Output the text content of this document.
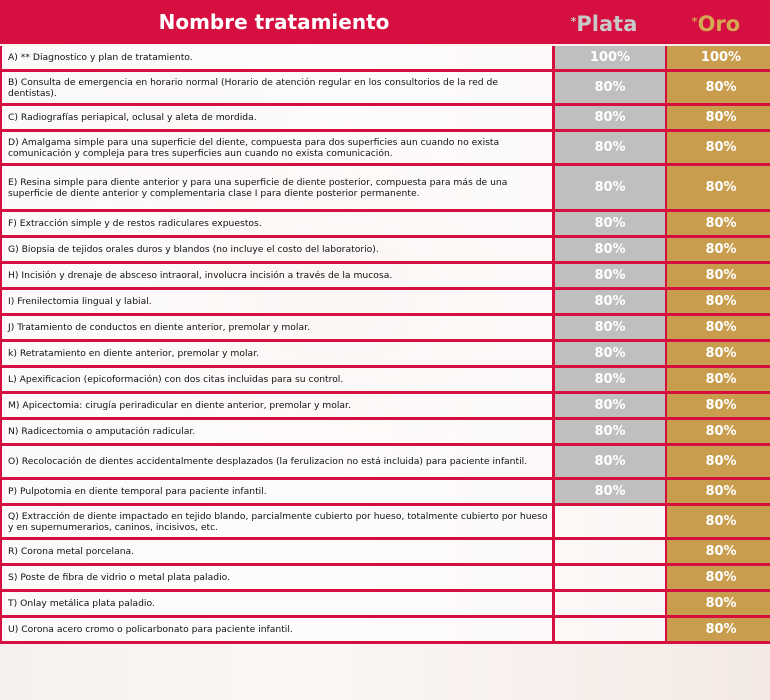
Nombre tratamiento	*Plata	*Oro
A) ** Diagnostico y plan de tratamiento.	100%	100%
B) Consulta de emergencia en horario normal (Horario de atención regular en los consultorios de la red de dentistas).	80%	80%
C) Radiografías periapical, oclusal y aleta de mordida.	80%	80%
D) Amalgama simple para una superficie del diente, compuesta para dos superficies aun cuando no exista comunicación y compleja para tres superficies aun cuando no exista comunicación.	80%	80%
E) Resina simple para diente anterior y para una superficie de diente posterior, compuesta para más de una superficie de diente anterior y complementaria clase I para diente posterior permanente.	80%	80%
F) Extracción simple y de restos radiculares expuestos.	80%	80%
G) Biopsia de tejidos orales duros y blandos (no incluye el costo del laboratorio).	80%	80%
H) Incisión y drenaje de absceso intraoral, involucra incisión a través de la mucosa.	80%	80%
I) Frenilectomia lingual y labial.	80%	80%
J) Tratamiento de conductos en diente anterior, premolar y molar.	80%	80%
k) Retratamiento en diente anterior, premolar y molar.	80%	80%
L) Apexificacion (epicoformación) con dos citas incluidas para su control.	80%	80%
M) Apicectomia: cirugía periradicular en diente anterior, premolar y molar.	80%	80%
N) Radicectomia o amputación radicular.	80%	80%
O) Recolocación de dientes accidentalmente desplazados (la ferulizacion no está incluida) para paciente infantil.	80%	80%
P) Pulpotomia en diente temporal para paciente infantil.	80%	80%
Q) Extracción de diente impactado en tejido blando, parcialmente cubierto por hueso, totalmente cubierto por hueso y en supernumerarios, caninos, incisivos, etc.		80%
R) Corona metal porcelana.		80%
S) Poste de fibra de vidrio o metal plata paladio.		80%
T) Onlay metálica plata paladio.		80%
U) Corona acero cromo o policarbonato para paciente infantil.		80%
